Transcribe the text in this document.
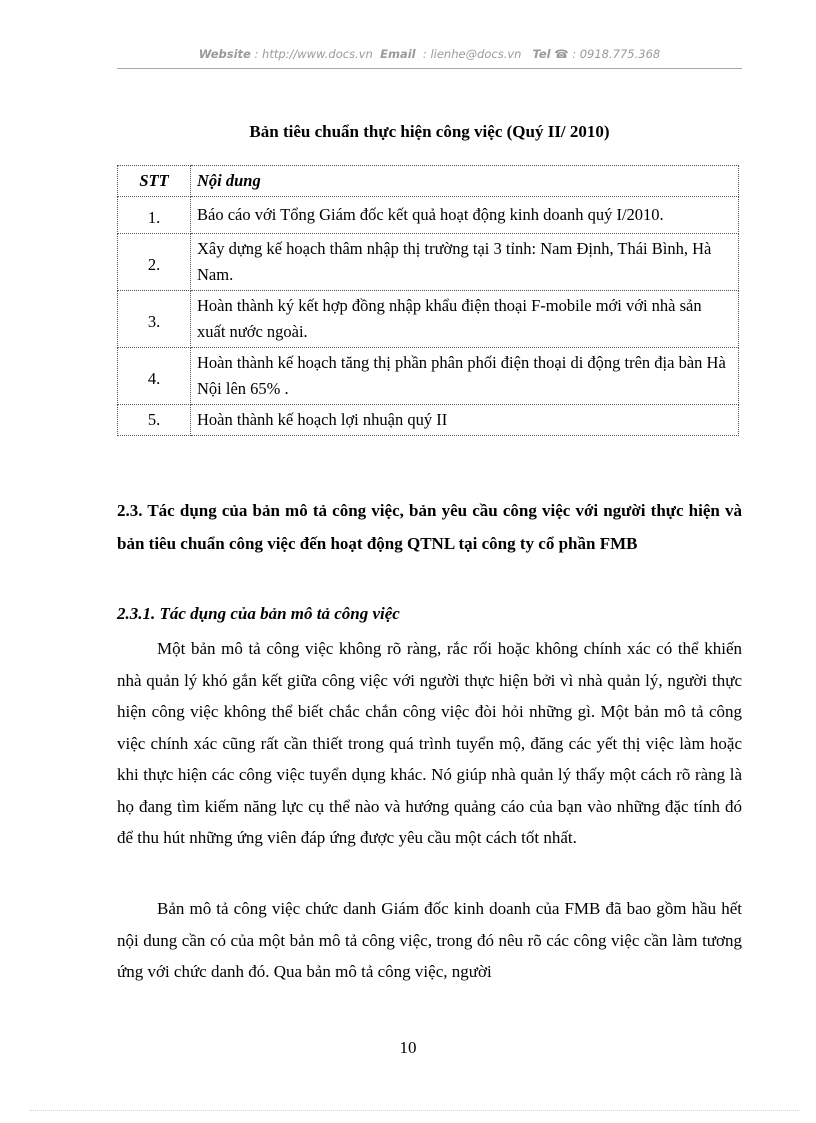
Website : http://www.docs.vn Email : lienhe@docs.vn Tel ☎ : 0918.775.368
Bản tiêu chuẩn thực hiện công việc (Quý II/ 2010)
STT	Nội dung
1.	Báo cáo với Tổng Giám đốc kết quả hoạt động kinh doanh quý I/2010.
2.	Xây dựng kế hoạch thâm nhập thị trường tại 3 tỉnh: Nam Định, Thái Bình, Hà Nam.
3.	Hoàn thành ký kết hợp đồng nhập khẩu điện thoại F-mobile mới với nhà sản xuất nước ngoài.
4.	Hoàn thành kế hoạch tăng thị phần phân phối điện thoại di động trên địa bàn Hà Nội lên 65% .
5.	Hoàn thành kế hoạch lợi nhuận quý II
2.3. Tác dụng của bản mô tả công việc, bản yêu cầu công việc với người thực hiện và bản tiêu chuẩn công việc đến hoạt động QTNL tại công ty cổ phần FMB
2.3.1. Tác dụng của bản mô tả công việc
Một bản mô tả công việc không rõ ràng, rắc rối hoặc không chính xác có thể khiến nhà quản lý khó gắn kết giữa công việc với người thực hiện bởi vì nhà quản lý, người thực hiện công việc không thể biết chắc chắn công việc đòi hỏi những gì. Một bản mô tả công việc chính xác cũng rất cần thiết trong quá trình tuyển mộ, đăng các yết thị việc làm hoặc khi thực hiện các công việc tuyển dụng khác. Nó giúp nhà quản lý thấy một cách rõ ràng là họ đang tìm kiếm năng lực cụ thể nào và hướng quảng cáo của bạn vào những đặc tính đó để thu hút những ứng viên đáp ứng được yêu cầu một cách tốt nhất.
Bản mô tả công việc chức danh Giám đốc kinh doanh của FMB đã bao gồm hầu hết nội dung cần có của một bản mô tả công việc, trong đó nêu rõ các công việc cần làm tương ứng với chức danh đó. Qua bản mô tả công việc, người
10
